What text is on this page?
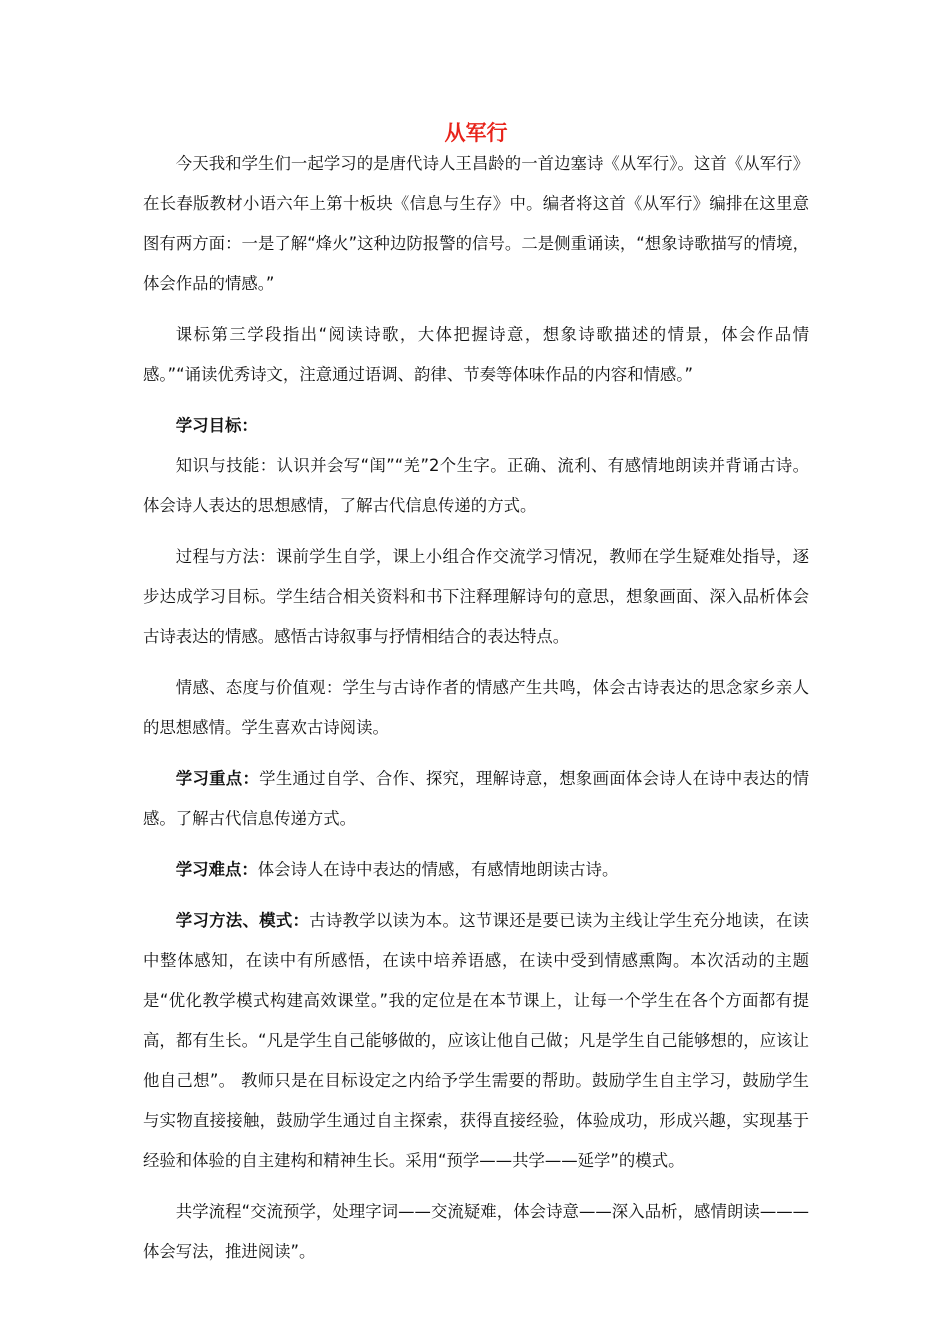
从军行

今天我和学生们一起学习的是唐代诗人王昌龄的一首边塞诗《从军行》。这首《从军行》在长春版教材小语六年上第十板块《信息与生存》中。编者将这首《从军行》编排在这里意图有两方面：一是了解“烽火”这种边防报警的信号。二是侧重诵读，“想象诗歌描写的情境，体会作品的情感。”

课标第三学段指出“阅读诗歌，大体把握诗意，想象诗歌描述的情景，体会作品情感。”“诵读优秀诗文，注意通过语调、韵律、节奏等体味作品的内容和情感。”

学习目标：

知识与技能：认识并会写“闺”“羌”2个生字。正确、流利、有感情地朗读并背诵古诗。体会诗人表达的思想感情，了解古代信息传递的方式。

过程与方法：课前学生自学，课上小组合作交流学习情况，教师在学生疑难处指导，逐步达成学习目标。学生结合相关资料和书下注释理解诗句的意思，想象画面、深入品析体会古诗表达的情感。感悟古诗叙事与抒情相结合的表达特点。

情感、态度与价值观：学生与古诗作者的情感产生共鸣，体会古诗表达的思念家乡亲人的思想感情。学生喜欢古诗阅读。

学习重点：学生通过自学、合作、探究，理解诗意，想象画面体会诗人在诗中表达的情感。了解古代信息传递方式。

学习难点：体会诗人在诗中表达的情感，有感情地朗读古诗。

学习方法、模式：古诗教学以读为本。这节课还是要已读为主线让学生充分地读，在读中整体感知，在读中有所感悟，在读中培养语感，在读中受到情感熏陶。本次活动的主题是“优化教学模式构建高效课堂。”我的定位是在本节课上，让每一个学生在各个方面都有提高，都有生长。“凡是学生自己能够做的，应该让他自己做；凡是学生自己能够想的，应该让他自己想”。 教师只是在目标设定之内给予学生需要的帮助。鼓励学生自主学习，鼓励学生与实物直接接触，鼓励学生通过自主探索，获得直接经验，体验成功，形成兴趣，实现基于经验和体验的自主建构和精神生长。采用“预学——共学——延学”的模式。

共学流程“交流预学，处理字词——交流疑难，体会诗意——深入品析，感情朗读———体会写法，推进阅读”。
